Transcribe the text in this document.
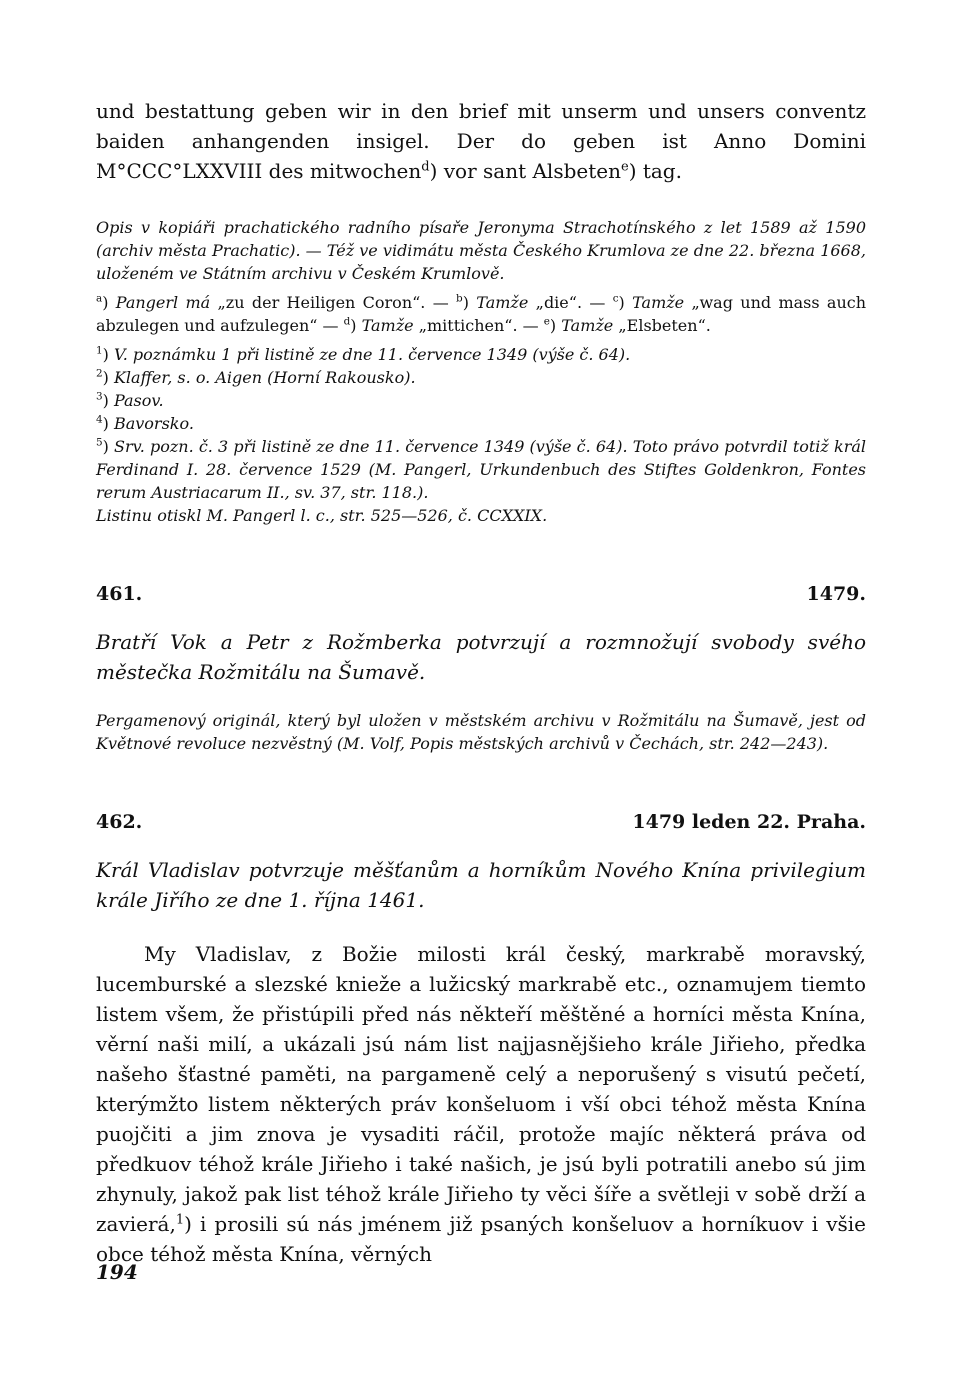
und bestattung geben wir in den brief mit unserm und unsers conventz baiden anhangenden insigel. Der do geben ist Anno Domini M°CCC°LXXVIII des mitwochen$^d$) vor sant Alsbeten$^e$) tag.

Opis v kopiáři prachatického radního písaře Jeronyma Strachotínského z let 1589 až 1590 (archiv města Prachatic). — Též ve vidimátu města Českého Krumlova ze dne 22. března 1668, uloženém ve Státním archivu v Českém Krumlově.

$^a$) Pangerl má „zu der Heiligen Coron“. — $^b$) Tamže „die“. — $^c$) Tamže „wag und mass auch abzulegen und aufzulegen“ — $^d$) Tamže „mittichen“. — $^e$) Tamže „Elsbeten“.

$^1$) V. poznámku 1 při listině ze dne 11. července 1349 (výše č. 64).

$^2$) Klaffer, s. o. Aigen (Horní Rakousko).

$^3$) Pasov.

$^4$) Bavorsko.

$^5$) Srv. pozn. č. 3 při listině ze dne 11. července 1349 (výše č. 64). Toto právo potvrdil totiž král Ferdinand I. 28. července 1529 (M. Pangerl, Urkundenbuch des Stiftes Goldenkron, Fontes rerum Austriacarum II., sv. 37, str. 118.).

Listinu otiskl M. Pangerl l. c., str. 525—526, č. CCXXIX.

461.	1479.

Bratří Vok a Petr z Rožmberka potvrzují a rozmnožují svobody svého městečka Rožmitálu na Šumavě.

Pergamenový originál, který byl uložen v městském archivu v Rožmitálu na Šumavě, jest od Květnové revoluce nezvěstný (M. Volf, Popis městských archivů v Čechách, str. 242—243).

462.	1479 leden 22. Praha.

Král Vladislav potvrzuje měšťanům a horníkům Nového Knína privilegium krále Jiřího ze dne 1. října 1461.

My Vladislav, z Božie milosti král český, markrabě moravský, lucemburské a slezské knieže a lužicský markrabě etc., oznamujem tiemto listem všem, že přistúpili před nás někteří měštěné a horníci města Knína, věrní naši milí, a ukázali jsú nám list najjasnějšieho krále Jiřieho, předka našeho šťastné paměti, na pargameně celý a neporušený s visutú pečetí, kterýmžto listem některých práv konšeluom i vší obci téhož města Knína puojčiti a jim znova je vysaditi ráčil, protože majíc některá práva od předkuov téhož krále Jiřieho i také našich, je jsú byli potratili anebo sú jim zhynuly, jakož pak list téhož krále Jiřieho ty věci šíře a světleji v sobě drží a zavierá,$^1$) i prosili sú nás jménem již psaných konšeluov a horníkuov i všie obce téhož města Knína, věrných

194
